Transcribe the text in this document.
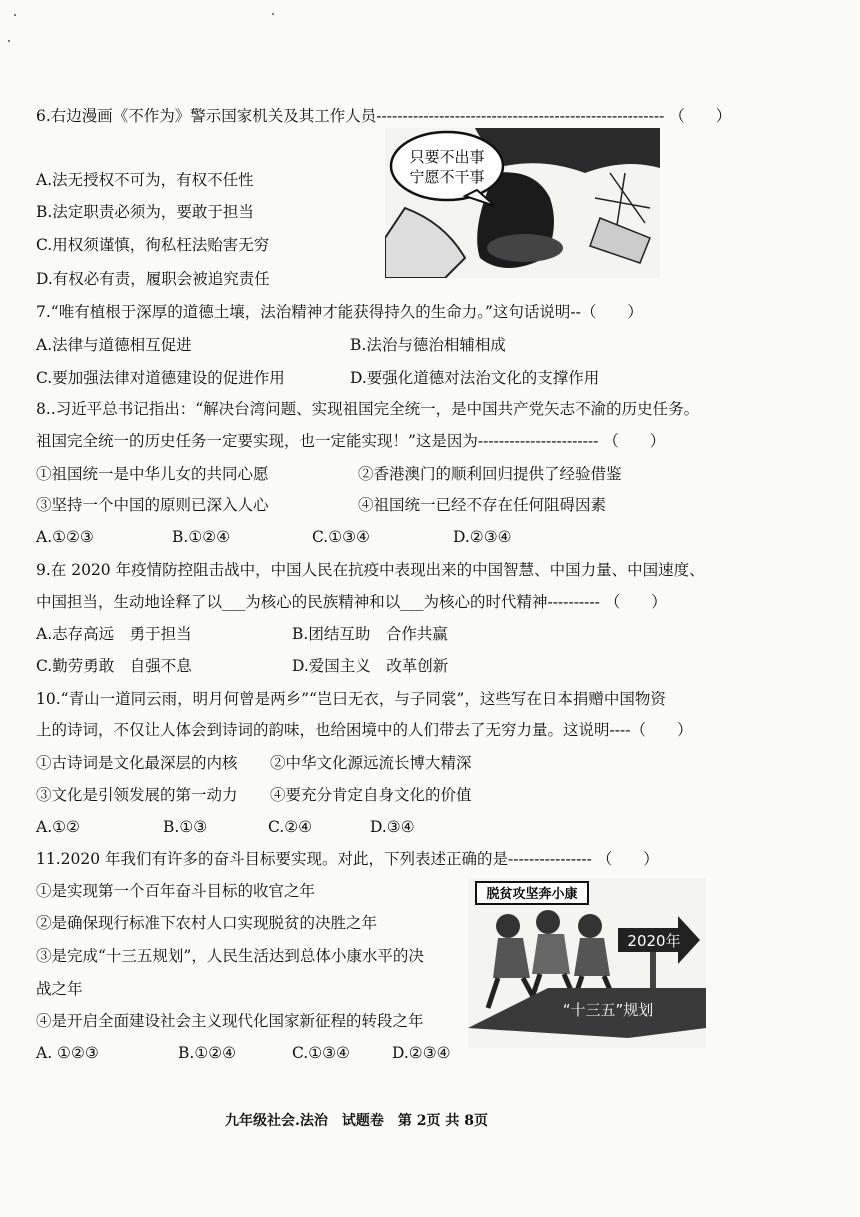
6.右边漫画《不作为》警示国家机关及其工作人员------------------------------------------------------- （　　）
A.法无授权不可为，有权不任性
B.法定职责必须为，要敢于担当
C.用权须谨慎，徇私枉法贻害无穷
D.有权必有责，履职会被追究责任
只要不出事
宁愿不干事
7.“唯有植根于深厚的道德土壤，法治精神才能获得持久的生命力。”这句话说明--（　　）
A.法律与道德相互促进	B.法治与德治相辅相成
C.要加强法律对道德建设的促进作用	D.要强化道德对法治文化的支撑作用
8..习近平总书记指出：“解决台湾问题、实现祖国完全统一，是中国共产党矢志不渝的历史任务。
祖国完全统一的历史任务一定要实现，也一定能实现！”这是因为----------------------- （　　）
①祖国统一是中华儿女的共同心愿	②香港澳门的顺利回归提供了经验借鉴
③坚持一个中国的原则已深入人心	④祖国统一已经不存在任何阻碍因素
A.①②③	B.①②④	C.①③④	D.②③④
9.在 2020 年疫情防控阻击战中，中国人民在抗疫中表现出来的中国智慧、中国力量、中国速度、
中国担当，生动地诠释了以___为核心的民族精神和以___为核心的时代精神---------- （　　）
A.志存高远　勇于担当	B.团结互助　合作共赢
C.勤劳勇敢　自强不息	D.爱国主义　改革创新
10.“青山一道同云雨，明月何曾是两乡”“岂曰无衣，与子同裳”，这些写在日本捐赠中国物资
上的诗词，不仅让人体会到诗词的韵味，也给困境中的人们带去了无穷力量。这说明----（　　）
①古诗词是文化最深层的内核 ②中华文化源远流长博大精深
③文化是引领发展的第一动力 ④要充分肯定自身文化的价值
A.①②	B.①③	C.②④	D.③④
11.2020 年我们有许多的奋斗目标要实现。对此，下列表述正确的是---------------- （　　）
①是实现第一个百年奋斗目标的收官之年
②是确保现行标准下农村人口实现脱贫的决胜之年
③是完成“十三五规划”，人民生活达到总体小康水平的决
战之年
④是开启全面建设社会主义现代化国家新征程的转段之年
A. ①②③	B.①②④	C.①③④	D.②③④
脱贫攻坚奔小康
2020年
“十三五”规划
九年级社会.法治　试题卷　第 2页 共 8页
